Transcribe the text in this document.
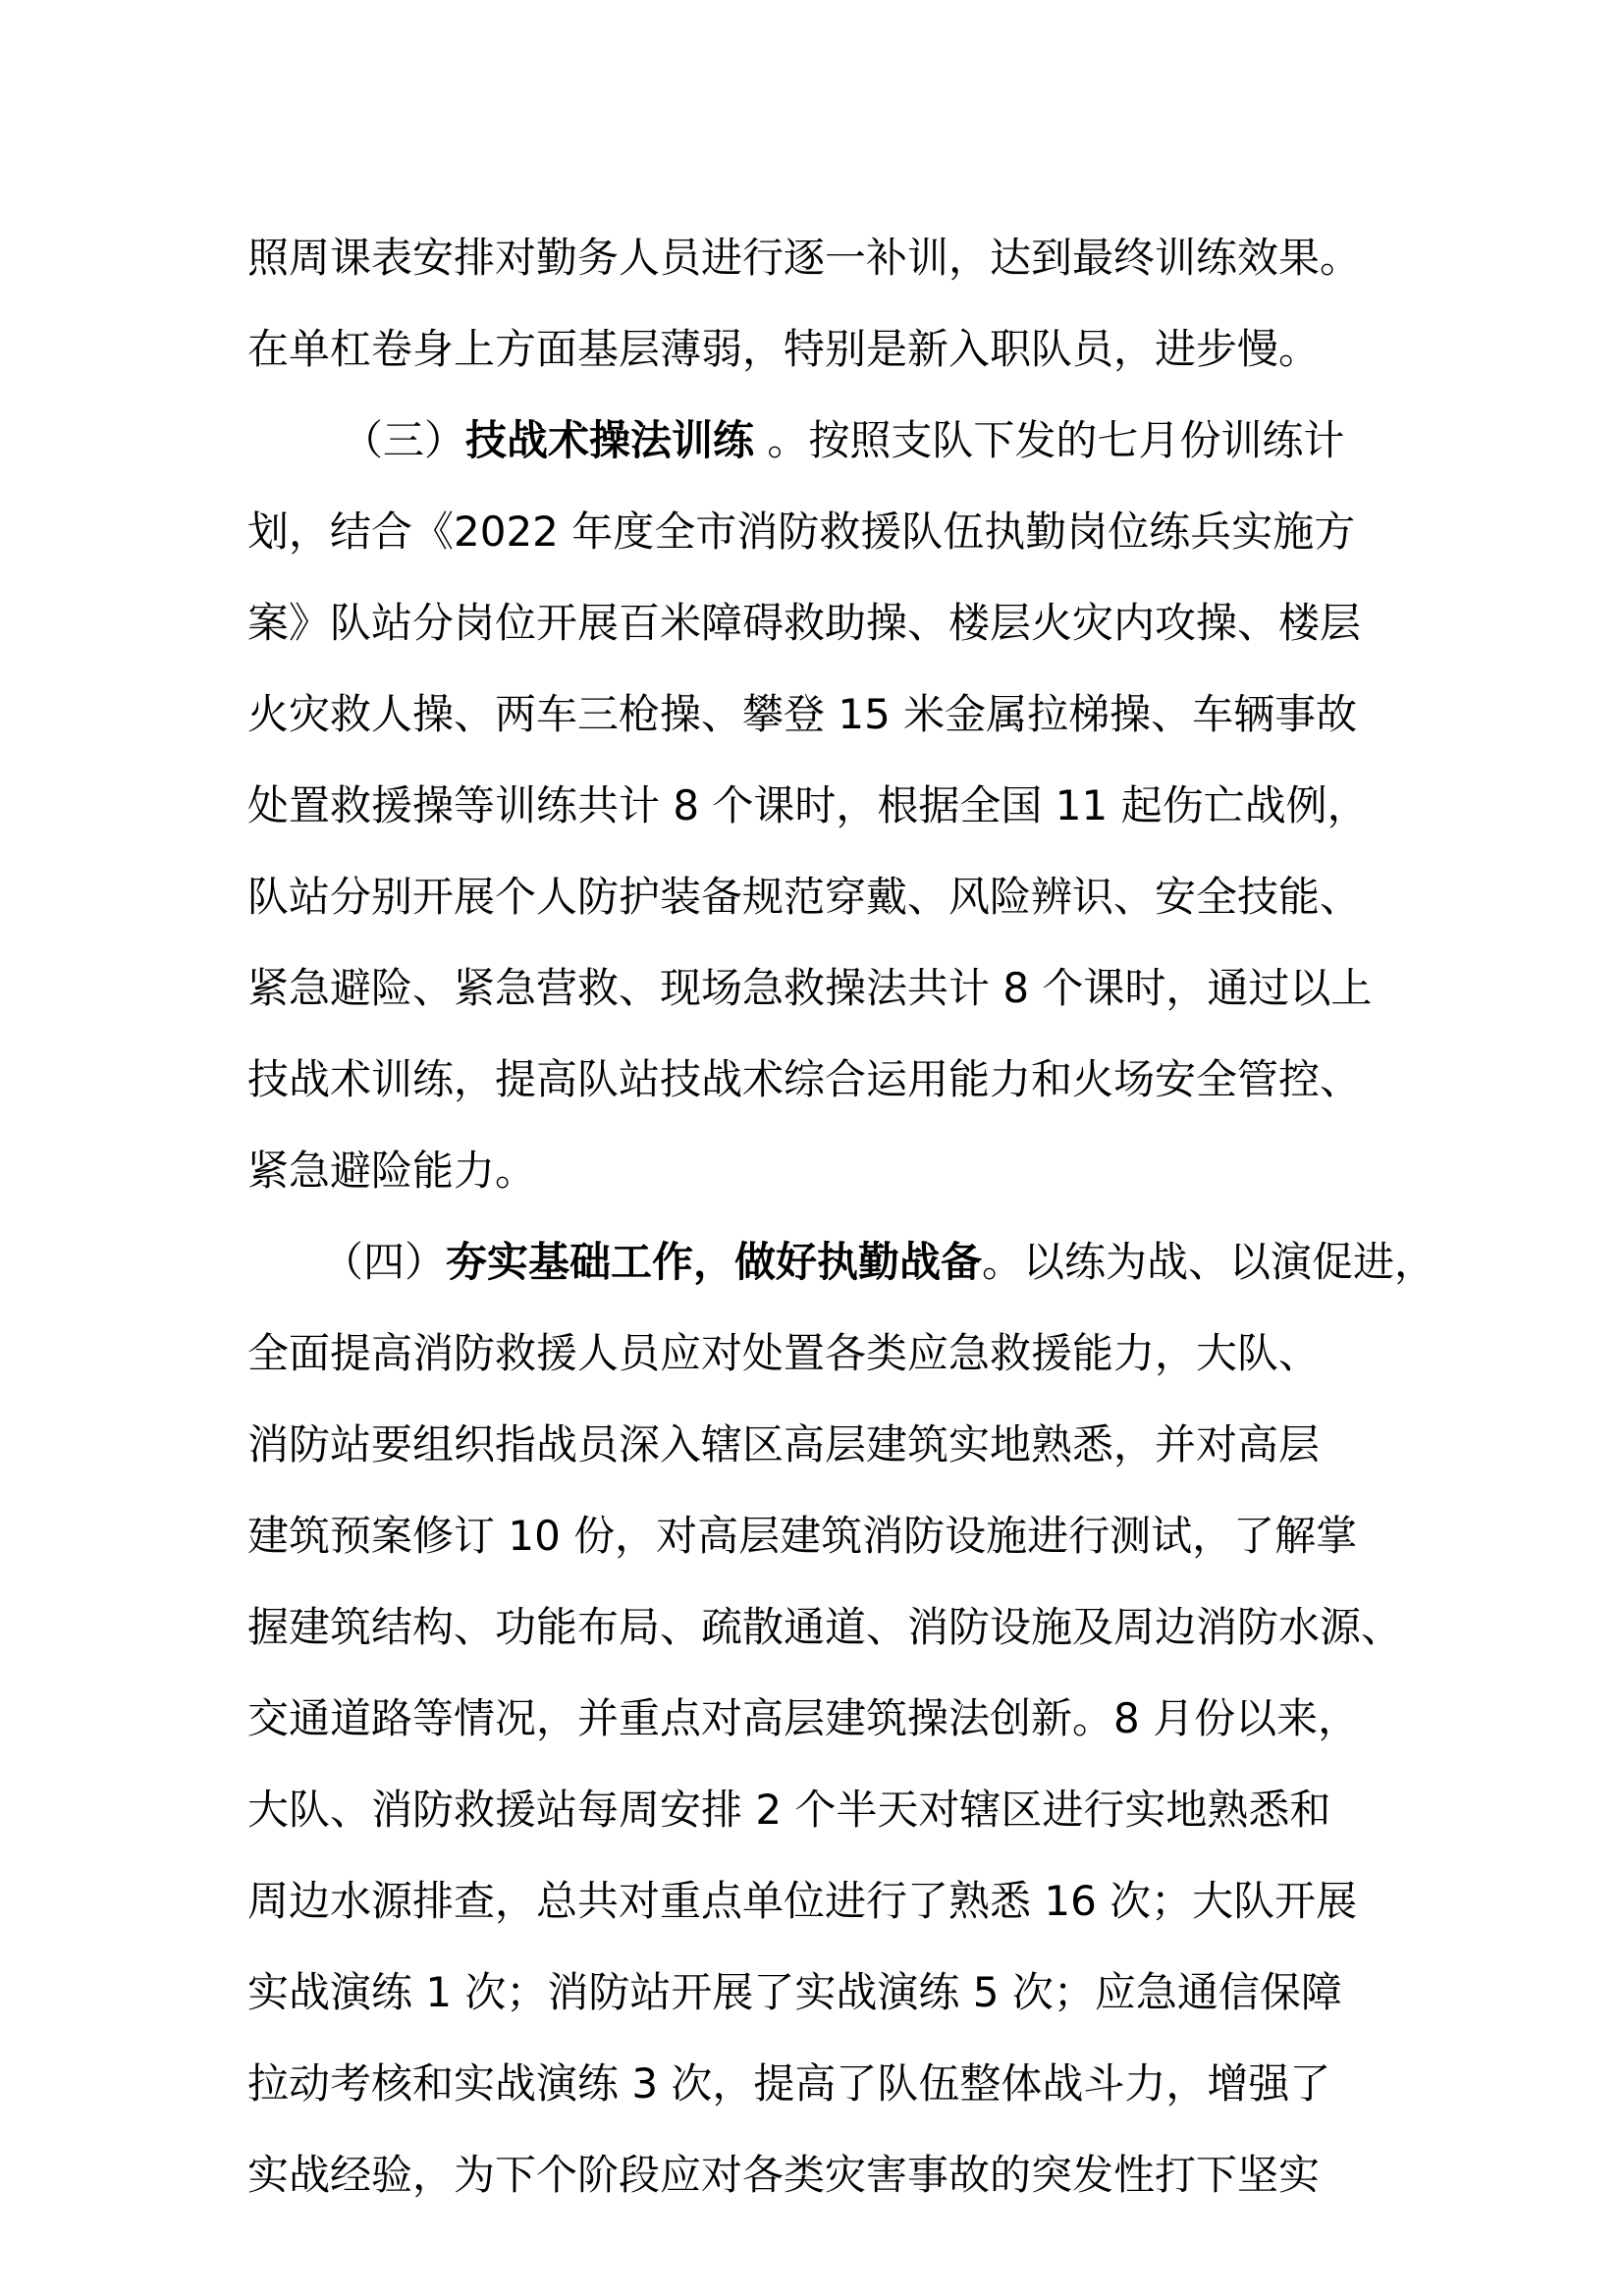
照周课表安排对勤务人员进行逐一补训，达到最终训练效果。
在单杠卷身上方面基层薄弱，特别是新入职队员，进步慢。
（三）技战术操法训练 。按照支队下发的七月份训练计
划，结合《2022 年度全市消防救援队伍执勤岗位练兵实施方
案》队站分岗位开展百米障碍救助操、楼层火灾内攻操、楼层
火灾救人操、两车三枪操、攀登 15 米金属拉梯操、车辆事故
处置救援操等训练共计 8 个课时，根据全国 11 起伤亡战例，
队站分别开展个人防护装备规范穿戴、风险辨识、安全技能、
紧急避险、紧急营救、现场急救操法共计 8 个课时，通过以上
技战术训练，提高队站技战术综合运用能力和火场安全管控、
紧急避险能力。
（四）夯实基础工作，做好执勤战备。以练为战、以演促进，
全面提高消防救援人员应对处置各类应急救援能力，大队、
消防站要组织指战员深入辖区高层建筑实地熟悉，并对高层
建筑预案修订 10 份，对高层建筑消防设施进行测试，了解掌
握建筑结构、功能布局、疏散通道、消防设施及周边消防水源、
交通道路等情况，并重点对高层建筑操法创新。8 月份以来，
大队、消防救援站每周安排 2 个半天对辖区进行实地熟悉和
周边水源排查，总共对重点单位进行了熟悉 16 次；大队开展
实战演练 1 次；消防站开展了实战演练 5 次；应急通信保障
拉动考核和实战演练 3 次，提高了队伍整体战斗力，增强了
实战经验，为下个阶段应对各类灾害事故的突发性打下坚实
